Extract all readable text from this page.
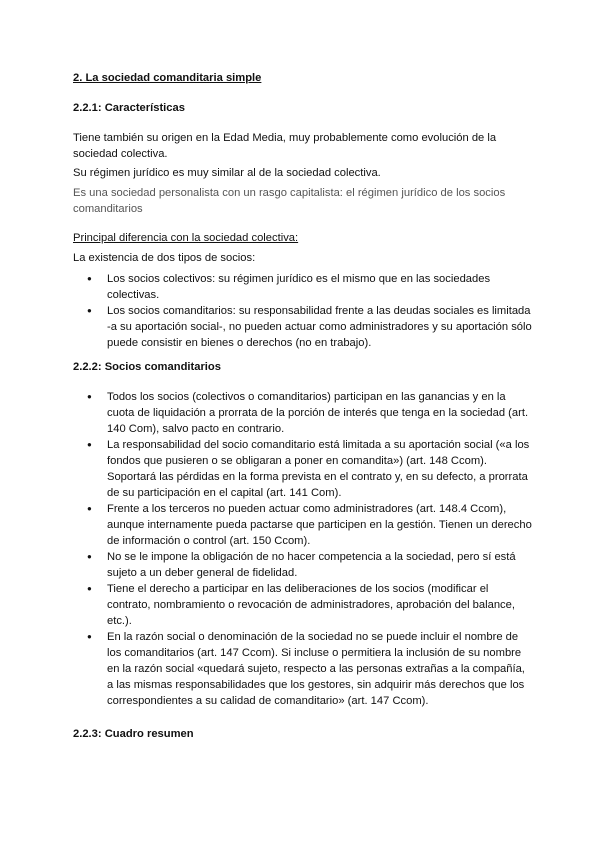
2. La sociedad comanditaria simple

2.2.1: Características

Tiene también su origen en la Edad Media, muy probablemente como evolución de la sociedad colectiva.

Su régimen jurídico es muy similar al de la sociedad colectiva.

Es una sociedad personalista con un rasgo capitalista: el régimen jurídico de los socios comanditarios

Principal diferencia con la sociedad colectiva:

La existencia de dos tipos de socios:

● Los socios colectivos: su régimen jurídico es el mismo que en las sociedades colectivas.
● Los socios comanditarios: su responsabilidad frente a las deudas sociales es limitada -a su aportación social-, no pueden actuar como administradores y su aportación sólo puede consistir en bienes o derechos (no en trabajo).

2.2.2: Socios comanditarios

● Todos los socios (colectivos o comanditarios) participan en las ganancias y en la cuota de liquidación a prorrata de la porción de interés que tenga en la sociedad (art. 140 Com), salvo pacto en contrario.
● La responsabilidad del socio comanditario está limitada a su aportación social («a los fondos que pusieren o se obligaran a poner en comandita») (art. 148 Ccom). Soportará las pérdidas en la forma prevista en el contrato y, en su defecto, a prorrata de su participación en el capital (art. 141 Com).
● Frente a los terceros no pueden actuar como administradores (art. 148.4 Ccom), aunque internamente pueda pactarse que participen en la gestión. Tienen un derecho de información o control (art. 150 Ccom).
● No se le impone la obligación de no hacer competencia a la sociedad, pero sí está sujeto a un deber general de fidelidad.
● Tiene el derecho a participar en las deliberaciones de los socios (modificar el contrato, nombramiento o revocación de administradores, aprobación del balance, etc.).
● En la razón social o denominación de la sociedad no se puede incluir el nombre de los comanditarios (art. 147 Ccom). Si incluse o permitiera la inclusión de su nombre en la razón social «quedará sujeto, respecto a las personas extrañas a la compañía, a las mismas responsabilidades que los gestores, sin adquirir más derechos que los correspondientes a su calidad de comanditario» (art. 147 Ccom).

2.2.3: Cuadro resumen
